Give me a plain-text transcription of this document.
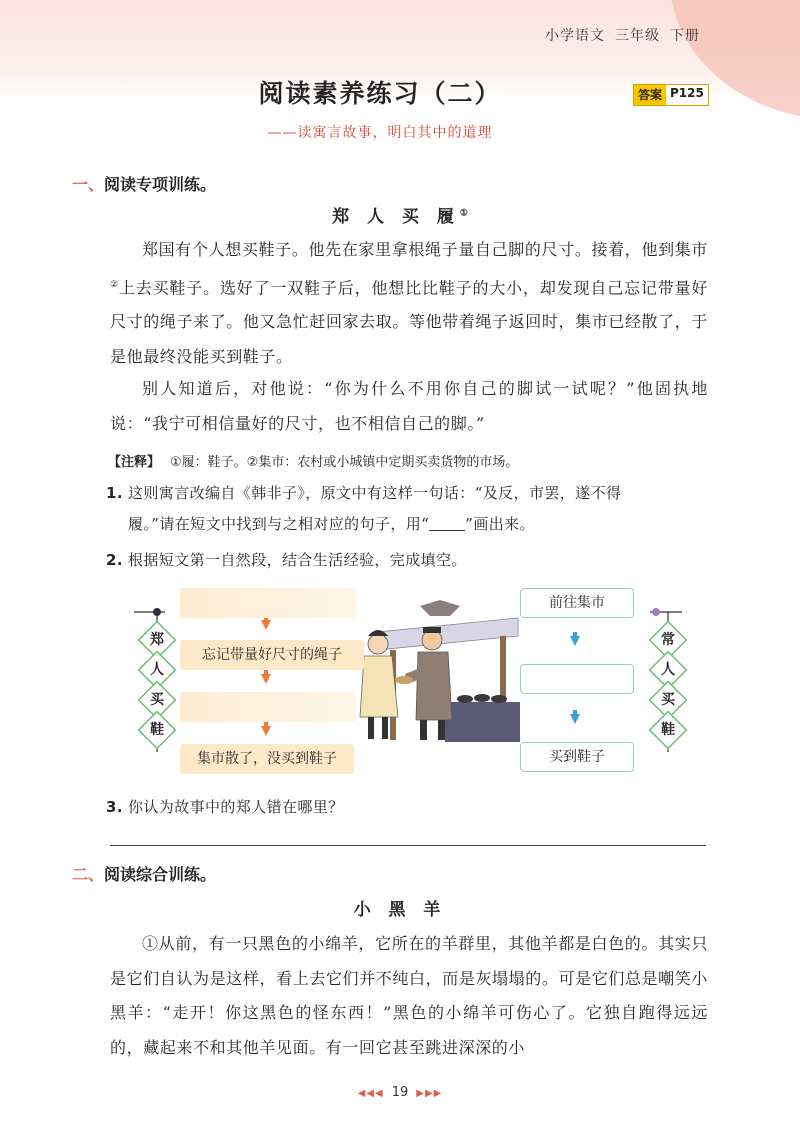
小学语文 三年级 下册
阅读素养练习（二）	答案 P125
——读寓言故事，明白其中的道理
一、阅读专项训练。
郑 人 买 履①
郑国有个人想买鞋子。他先在家里拿根绳子量自己脚的尺寸。接着，他到集市②上去买鞋子。选好了一双鞋子后，他想比比鞋子的大小，却发现自己忘记带量好尺寸的绳子来了。他又急忙赶回家去取。等他带着绳子返回时，集市已经散了，于是他最终没能买到鞋子。
别人知道后，对他说：“你为什么不用你自己的脚试一试呢？”他固执地说：“我宁可相信量好的尺寸，也不相信自己的脚。”
【注释】 ①履：鞋子。②集市：农村或小城镇中定期买卖货物的市场。
1. 这则寓言改编自《韩非子》，原文中有这样一句话：“及反，市罢，遂不得
履。”请在短文中找到与之相对应的句子，用“ ”画出来。
2. 根据短文第一自然段，结合生活经验，完成填空。
郑
人
买
鞋
常
人
买
鞋
忘记带量好尺寸的绳子
集市散了，没买到鞋子
前往集市
买到鞋子
3. 你认为故事中的郑人错在哪里？
二、阅读综合训练。
小 黑 羊
①从前，有一只黑色的小绵羊，它所在的羊群里，其他羊都是白色的。其实只是它们自认为是这样，看上去它们并不纯白，而是灰塌塌的。可是它们总是嘲笑小黑羊：“走开！你这黑色的怪东西！”黑色的小绵羊可伤心了。它独自跑得远远的，藏起来不和其他羊见面。有一回它甚至跳进深深的小
◀◀◀ 19 ▶▶▶
